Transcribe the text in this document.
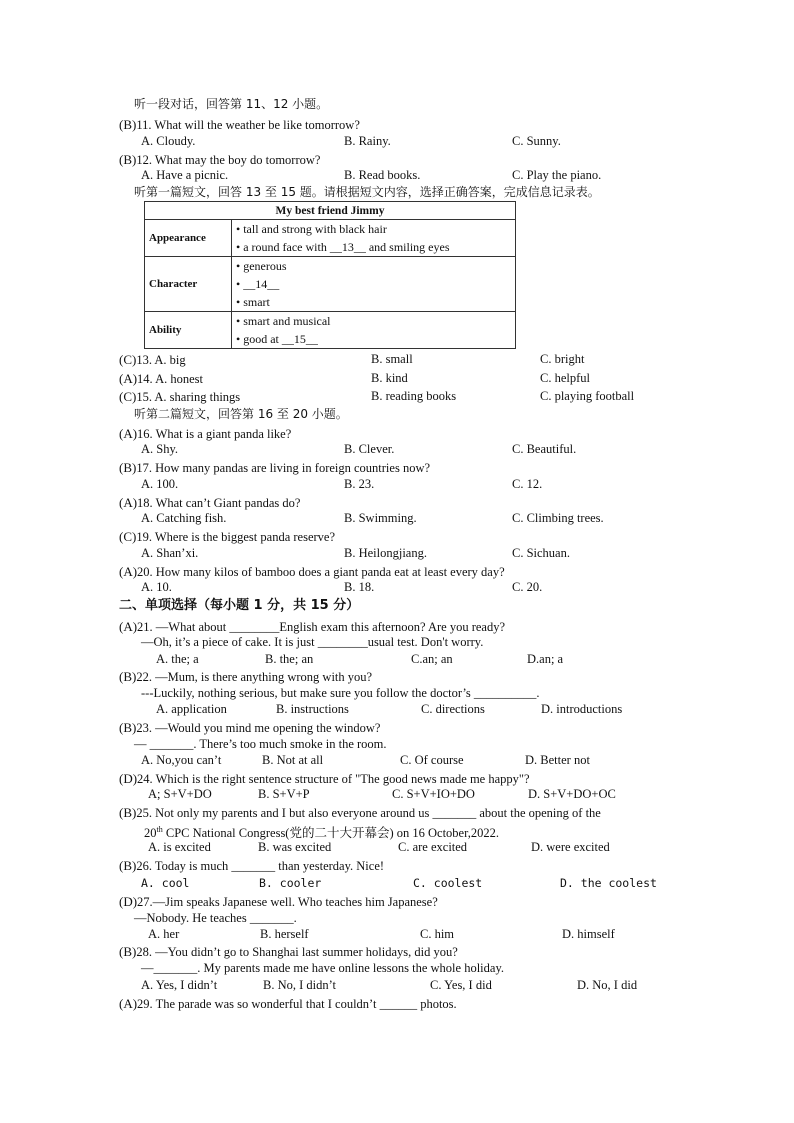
听一段对话，回答第 11、12 小题。
(B)11. What will the weather be like tomorrow?
A. Cloudy.	B. Rainy.	C. Sunny.
(B)12. What may the boy do tomorrow?
A. Have a picnic.	B. Read books.	C. Play the piano.
听第一篇短文，回答 13 至 15 题。请根据短文内容，选择正确答案，完成信息记录表。
My best friend Jimmy	
Appearance	• tall and strong with black hair
• a round face with __13__ and smiling eyes

Character	• generous
• __14__
• smart

Ability	• smart and musical
• good at __15__
(C)13. A. big	B. small	C. bright
(A)14. A. honest	B. kind	C. helpful
(C)15. A. sharing things	B. reading books	C. playing football
听第二篇短文，回答第 16 至 20 小题。
(A)16. What is a giant panda like?
A. Shy.	B. Clever.	C. Beautiful.
(B)17. How many pandas are living in foreign countries now?
A. 100.	B. 23.	C. 12.
(A)18. What can’t Giant pandas do?
A. Catching fish.	B. Swimming.	C. Climbing trees.
(C)19. Where is the biggest panda reserve?
A. Shan’xi.	B. Heilongjiang.	C. Sichuan.
(A)20. How many kilos of bamboo does a giant panda eat at least every day?
A. 10.	B. 18.	C. 20.
二、单项选择（每小题 1 分，共 15 分）
(A)21. —What about ________English exam this afternoon? Are you ready?
—Oh, it’s a piece of cake. It is just ________usual test. Don't worry.
A. the; a	B. the; an	C.an; an	D.an; a
(B)22. —Mum, is there anything wrong with you?
---Luckily, nothing serious, but make sure you follow the doctor’s __________.
A. application	B. instructions	C. directions	D. introductions
(B)23. —Would you mind me opening the window?
— _______. There’s too much smoke in the room.
A. No,you can’t	B. Not at all	C. Of course	D. Better not
(D)24. Which is the right sentence structure of "The good news made me happy"?
A; S+V+DO	B. S+V+P	C. S+V+IO+DO	D. S+V+DO+OC
(B)25. Not only my parents and I but also everyone around us _______ about the opening of the
20th CPC National Congress(党的二十大开幕会) on 16 October,2022.
A. is excited	B. was excited	C. are excited	D. were excited
(B)26. Today is much _______ than yesterday. Nice!
A. cool	B. cooler	C. coolest	D. the coolest
(D)27.—Jim speaks Japanese well. Who teaches him Japanese?
—Nobody. He teaches _______.
A. her	B. herself	C. him	D. himself
(B)28. —You didn’t go to Shanghai last summer holidays, did you?
—_______. My parents made me have online lessons the whole holiday.
A. Yes, I didn’t	B. No, I didn’t	C. Yes, I did	D. No, I did
(A)29. The parade was so wonderful that I couldn’t ______ photos.
